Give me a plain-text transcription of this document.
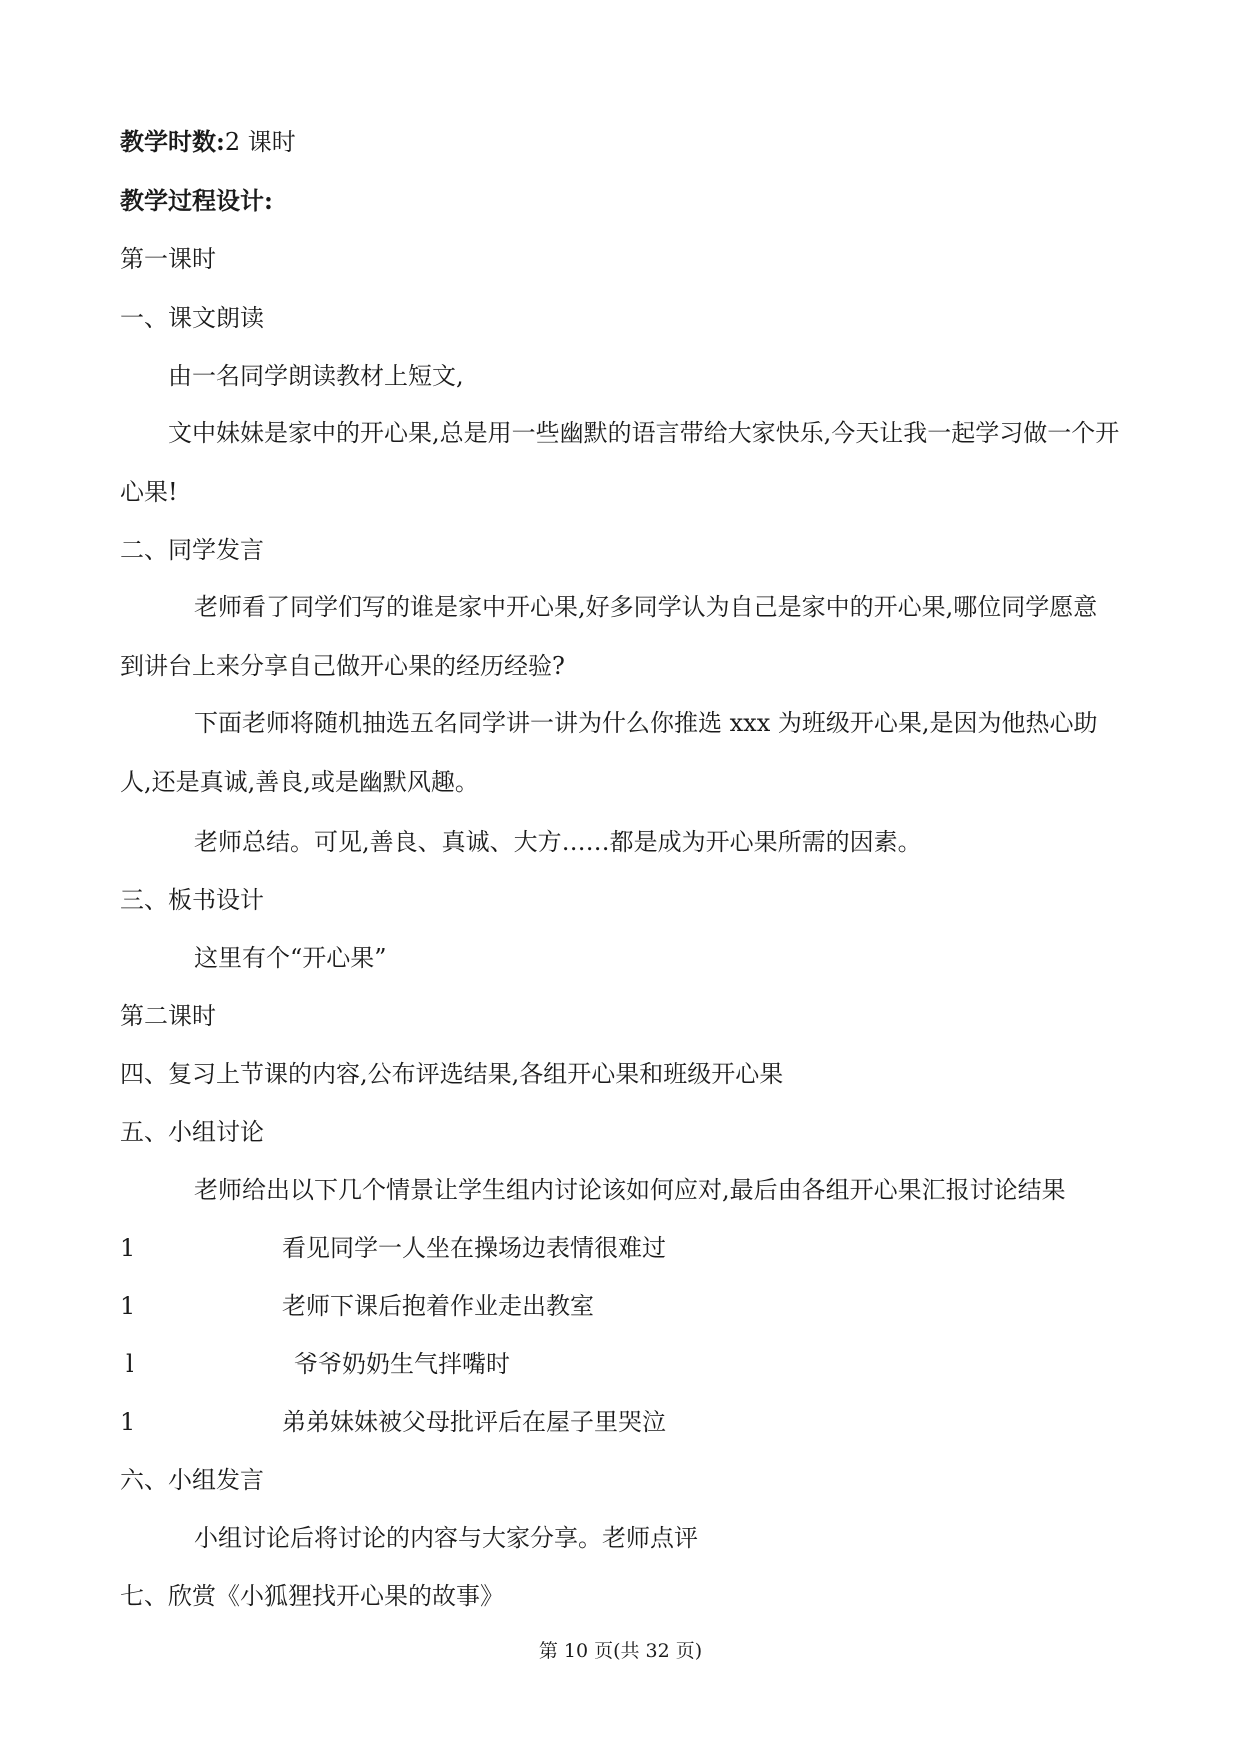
教学时数:2 课时
教学过程设计:
第一课时
一、课文朗读
由一名同学朗读教材上短文,
文中妹妹是家中的开心果,总是用一些幽默的语言带给大家快乐,今天让我一起学习做一个开心果!
二、同学发言
老师看了同学们写的谁是家中开心果,好多同学认为自己是家中的开心果,哪位同学愿意到讲台上来分享自己做开心果的经历经验?
下面老师将随机抽选五名同学讲一讲为什么你推选 xxx 为班级开心果,是因为他热心助人,还是真诚,善良,或是幽默风趣。
老师总结。可见,善良、真诚、大方……都是成为开心果所需的因素。
三、板书设计
这里有个“开心果”
第二课时
四、复习上节课的内容,公布评选结果,各组开心果和班级开心果
五、小组讨论
老师给出以下几个情景让学生组内讨论该如何应对,最后由各组开心果汇报讨论结果
1	看见同学一人坐在操场边表情很难过
1	老师下课后抱着作业走出教室
l	爷爷奶奶生气拌嘴时
1	弟弟妹妹被父母批评后在屋子里哭泣
六、小组发言
小组讨论后将讨论的内容与大家分享。老师点评
七、欣赏《小狐狸找开心果的故事》
第 10 页(共 32 页)
